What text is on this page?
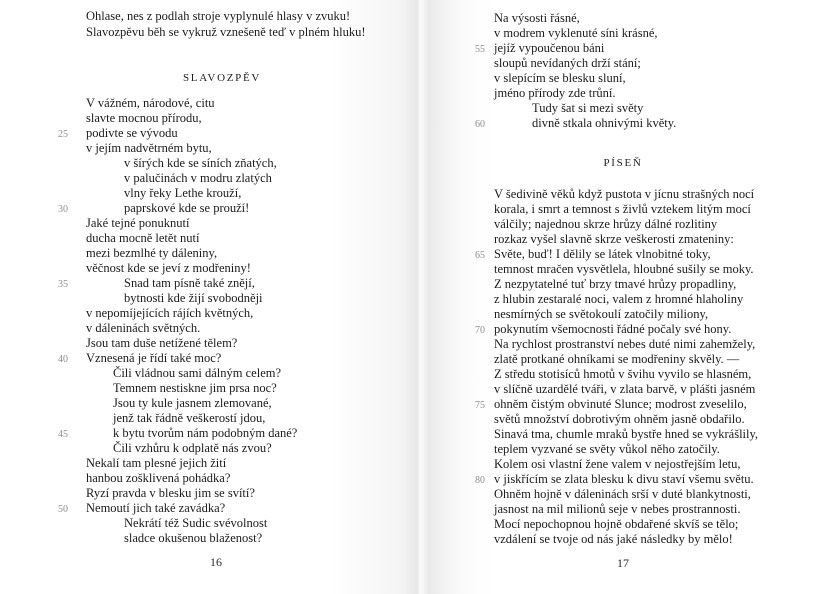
Ohlase, nes z podlah stroje vyplynulé hlasy v zvuku!
Slavozpěvu běh se vykruž vznešeně teď v plném hluku!
SLAVOZPĚV
V vážném, národové, citu
slavte mocnou přírodu,
25 podivte se vývodu
v jejím nadvětrném bytu,
v šírých kde se síních zňatých,
v palučinách v modru zlatých
vlny řeky Lethe krouží,
30	paprskové kde se prouží!
Jaké tejné ponuknutí
ducha mocně letět nutí
mezi bezmlhé ty dáleniny,
věčnost kde se jeví z modřeniny!
35	Snad tam písně také znějí,
bytnosti kde žijí svobodněji
v nepomíjejících rájích květných,
v dáleninách světných.
Jsou tam duše netížené tělem?
40 Vznesená je řídí také moc?
Čili vládnou sami dálným celem?
Temnem nestiskne jim prsa noc?
Jsou ty kule jasnem zlemované,
jenž tak řádně veškerostí jdou,
45	k bytu tvorům nám podobným dané?
Čili vzhůru k odplatě nás zvou?
Nekalí tam plesné jejich žití
hanbou zošklivená pohádka?
Ryzí pravda v blesku jim se svítí?
50 Nemoutí jich také zavádka?
Nekrátí též Sudic svévolnost
sladce okušenou blaženost?
16
Na výsosti řásné,
v modrem vyklenuté síni krásné,
55 jejíž vypoučenou báni
sloupů nevídaných drží stání;
v slepícím se blesku sluní,
jméno přírody zde trůní.
Tudy šat si mezi světy
60	divně stkala ohnivými květy.
PÍSEŇ
V šedivině věků když pustota v jícnu strašných nocí
korala, i smrt a temnost s živlů vztekem litým mocí
válčily; najednou skrze hrůzy dálné rozlitiny
rozkaz vyšel slavně skrze veškerosti zmateniny:
65 Světe, buď! I dělily se látek vlnobitné toky,
temnost mračen vysvětlela, hloubné sušily se moky.
Z nezpytatelné tuť brzy tmavé hrůzy propadliny,
z hlubin zestaralé noci, valem z hromné hlaholiny
nesmírných se světokoulí zatočily miliony,
70 pokynutím všemocnosti řádné počaly své hony.
Na rychlost prostranství nebes duté nimi zahemžely,
zlatě protkané ohníkami se modřeniny skvěly. —
Z středu stotisíců hmotů v švihu vyvilo se hlasném,
v slíčně uzardělé tváři, v zlata barvě, v plášti jasném
75 ohněm čistým obvinuté Slunce; modrost zveselilo,
světů množství dobrotivým ohněm jasně obdařilo.
Sinavá tma, chumle mraků bystře hned se vykrášlily,
teplem vyzvané se světy vůkol něho zatočily.
Kolem osi vlastní žene valem v nejostřejším letu,
80 v jiskřícím se zlata blesku k divu staví všemu světu.
Ohněm hojně v dáleninách srší v duté blankytnosti,
jasnost na mil milionů seje v nebes prostrannosti.
Mocí nepochopnou hojně obdařené skvíš se tělo;
vzdálení se tvoje od nás jaké následky by mělo!
17
